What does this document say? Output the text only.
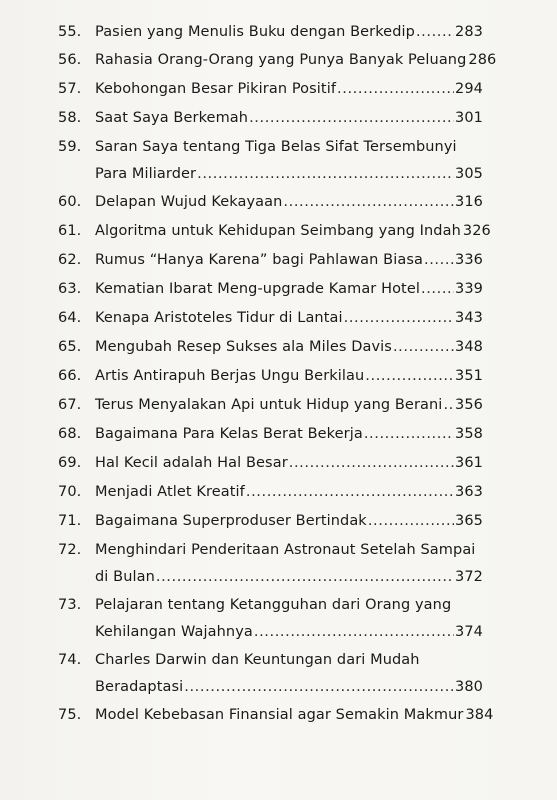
55. Pasien yang Menulis Buku dengan Berkedip .....	283
56. Rahasia Orang-Orang yang Punya Banyak Peluang 286
57. Kebohongan Besar Pikiran Positif .....	294
58. Saat Saya Berkemah .....	301
59. Saran Saya tentang Tiga Belas Sifat Tersembunyi
Para Miliarder .....	305
60. Delapan Wujud Kekayaan .....	316
61. Algoritma untuk Kehidupan Seimbang yang Indah 326
62. Rumus “Hanya Karena” bagi Pahlawan Biasa ..... 336
63. Kematian Ibarat Meng-upgrade Kamar Hotel ..... 339
64. Kenapa Aristoteles Tidur di Lantai .....	343
65. Mengubah Resep Sukses ala Miles Davis .....	348
66. Artis Antirapuh Berjas Ungu Berkilau .....	351
67. Terus Menyalakan Api untuk Hidup yang Berani ..... 356
68. Bagaimana Para Kelas Berat Bekerja .....	358
69. Hal Kecil adalah Hal Besar .....	361
70. Menjadi Atlet Kreatif .....	363
71. Bagaimana Superproduser Bertindak .....	365
72. Menghindari Penderitaan Astronaut Setelah Sampai
di Bulan .....	372
73. Pelajaran tentang Ketangguhan dari Orang yang
Kehilangan Wajahnya .....	374
74. Charles Darwin dan Keuntungan dari Mudah
Beradaptasi .....	380
75. Model Kebebasan Finansial agar Semakin Makmur 384
